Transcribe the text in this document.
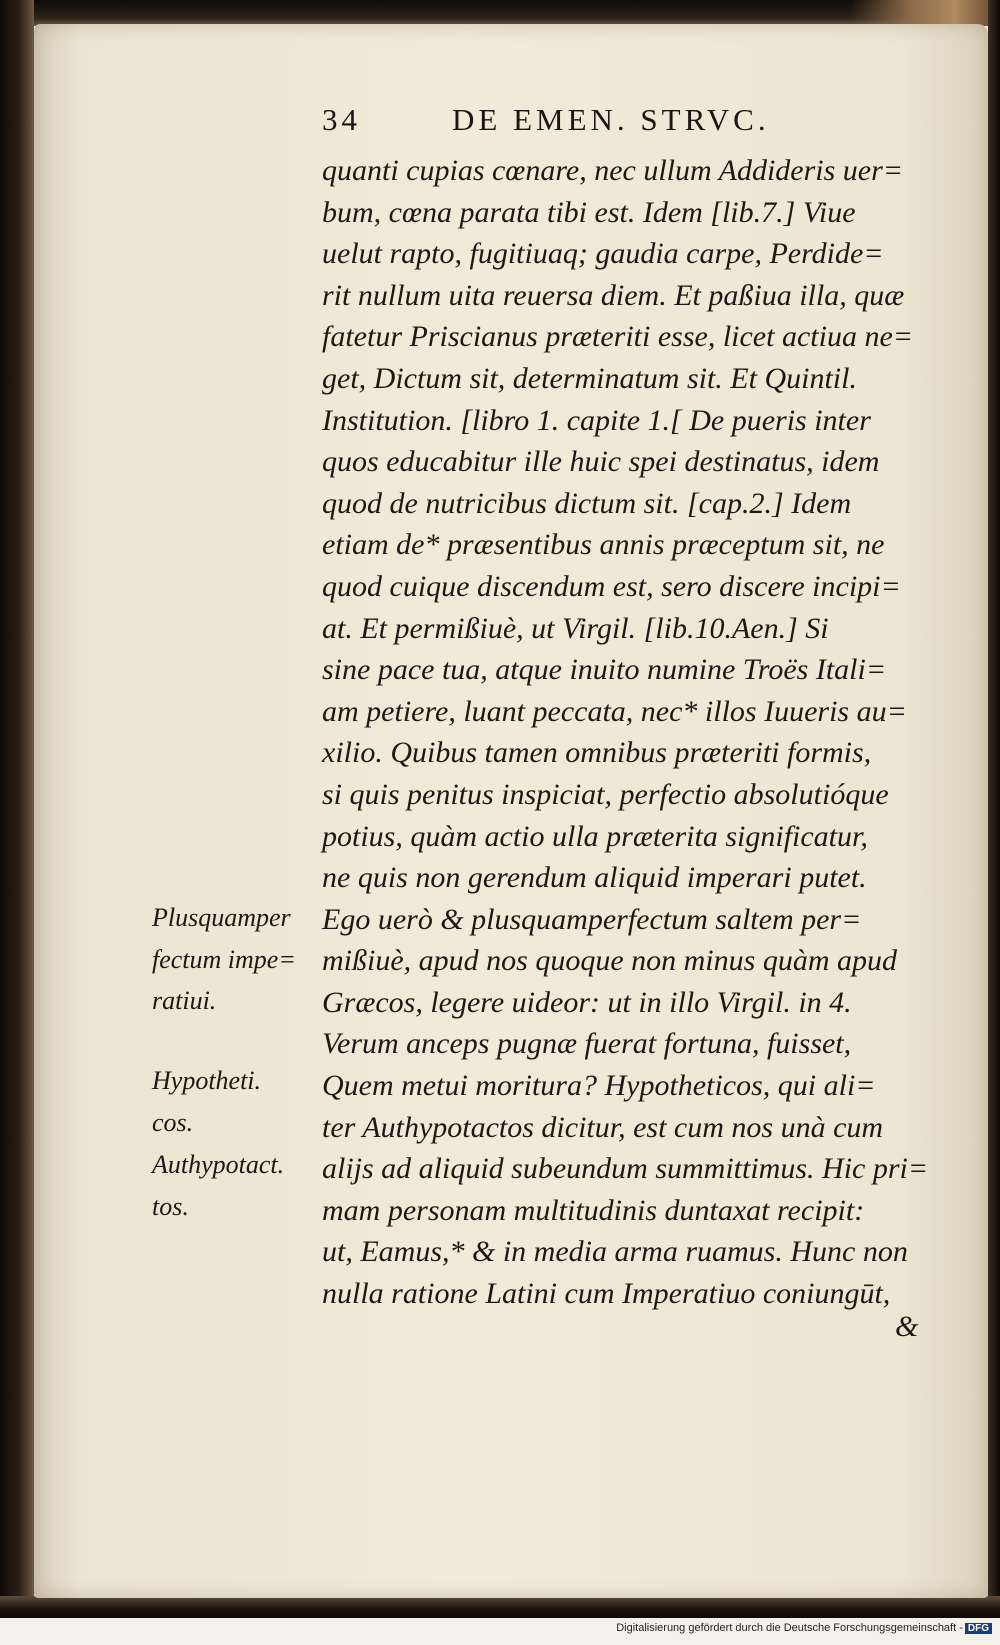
34	DE EMEN. STRVC.
quanti cupias cœnare, nec ullum Addideris uer=
bum, cœna parata tibi est. Idem [lib.7.] Viue
uelut rapto, fugitiuaq; gaudia carpe, Perdide=
rit nullum uita reuersa diem. Et paßiua illa, quæ
fatetur Priscianus præteriti esse, licet actiua ne=
get, Dictum sit, determinatum sit. Et Quintil.
Institution. [libro 1. capite 1.[ De pueris inter
quos educabitur ille huic spei destinatus, idem
quod de nutricibus dictum sit. [cap.2.] Idem
etiam de* præsentibus annis præceptum sit, ne
quod cuique discendum est, sero discere incipi=
at. Et permißiuè, ut Virgil. [lib.10.Aen.] Si
sine pace tua, atque inuito numine Troës Itali=
am petiere, luant peccata, nec* illos Iuueris au=
xilio. Quibus tamen omnibus præteriti formis,
si quis penitus inspiciat, perfectio absolutióque
potius, quàm actio ulla præterita significatur,
ne quis non gerendum aliquid imperari putet.
Ego uerò & plusquamperfectum saltem per=
mißiuè, apud nos quoque non minus quàm apud
Græcos, legere uideor: ut in illo Virgil. in 4.
Verum anceps pugnæ fuerat fortuna, fuisset,
Quem metui moritura? Hypotheticos, qui ali=
ter Authypotactos dicitur, est cum nos unà cum
alijs ad aliquid subeundum summittimus. Hic pri=
mam personam multitudinis duntaxat recipit:
ut, Eamus,* & in media arma ruamus. Hunc non
nulla ratione Latini cum Imperatiuo coniungūt,
&
Plusquamper
fectum impe=
ratiui.
Hypotheti.
cos.
Authypotact.
tos.
Digitalisierung gefördert durch die Deutsche Forschungsgemeinschaft - DFG
